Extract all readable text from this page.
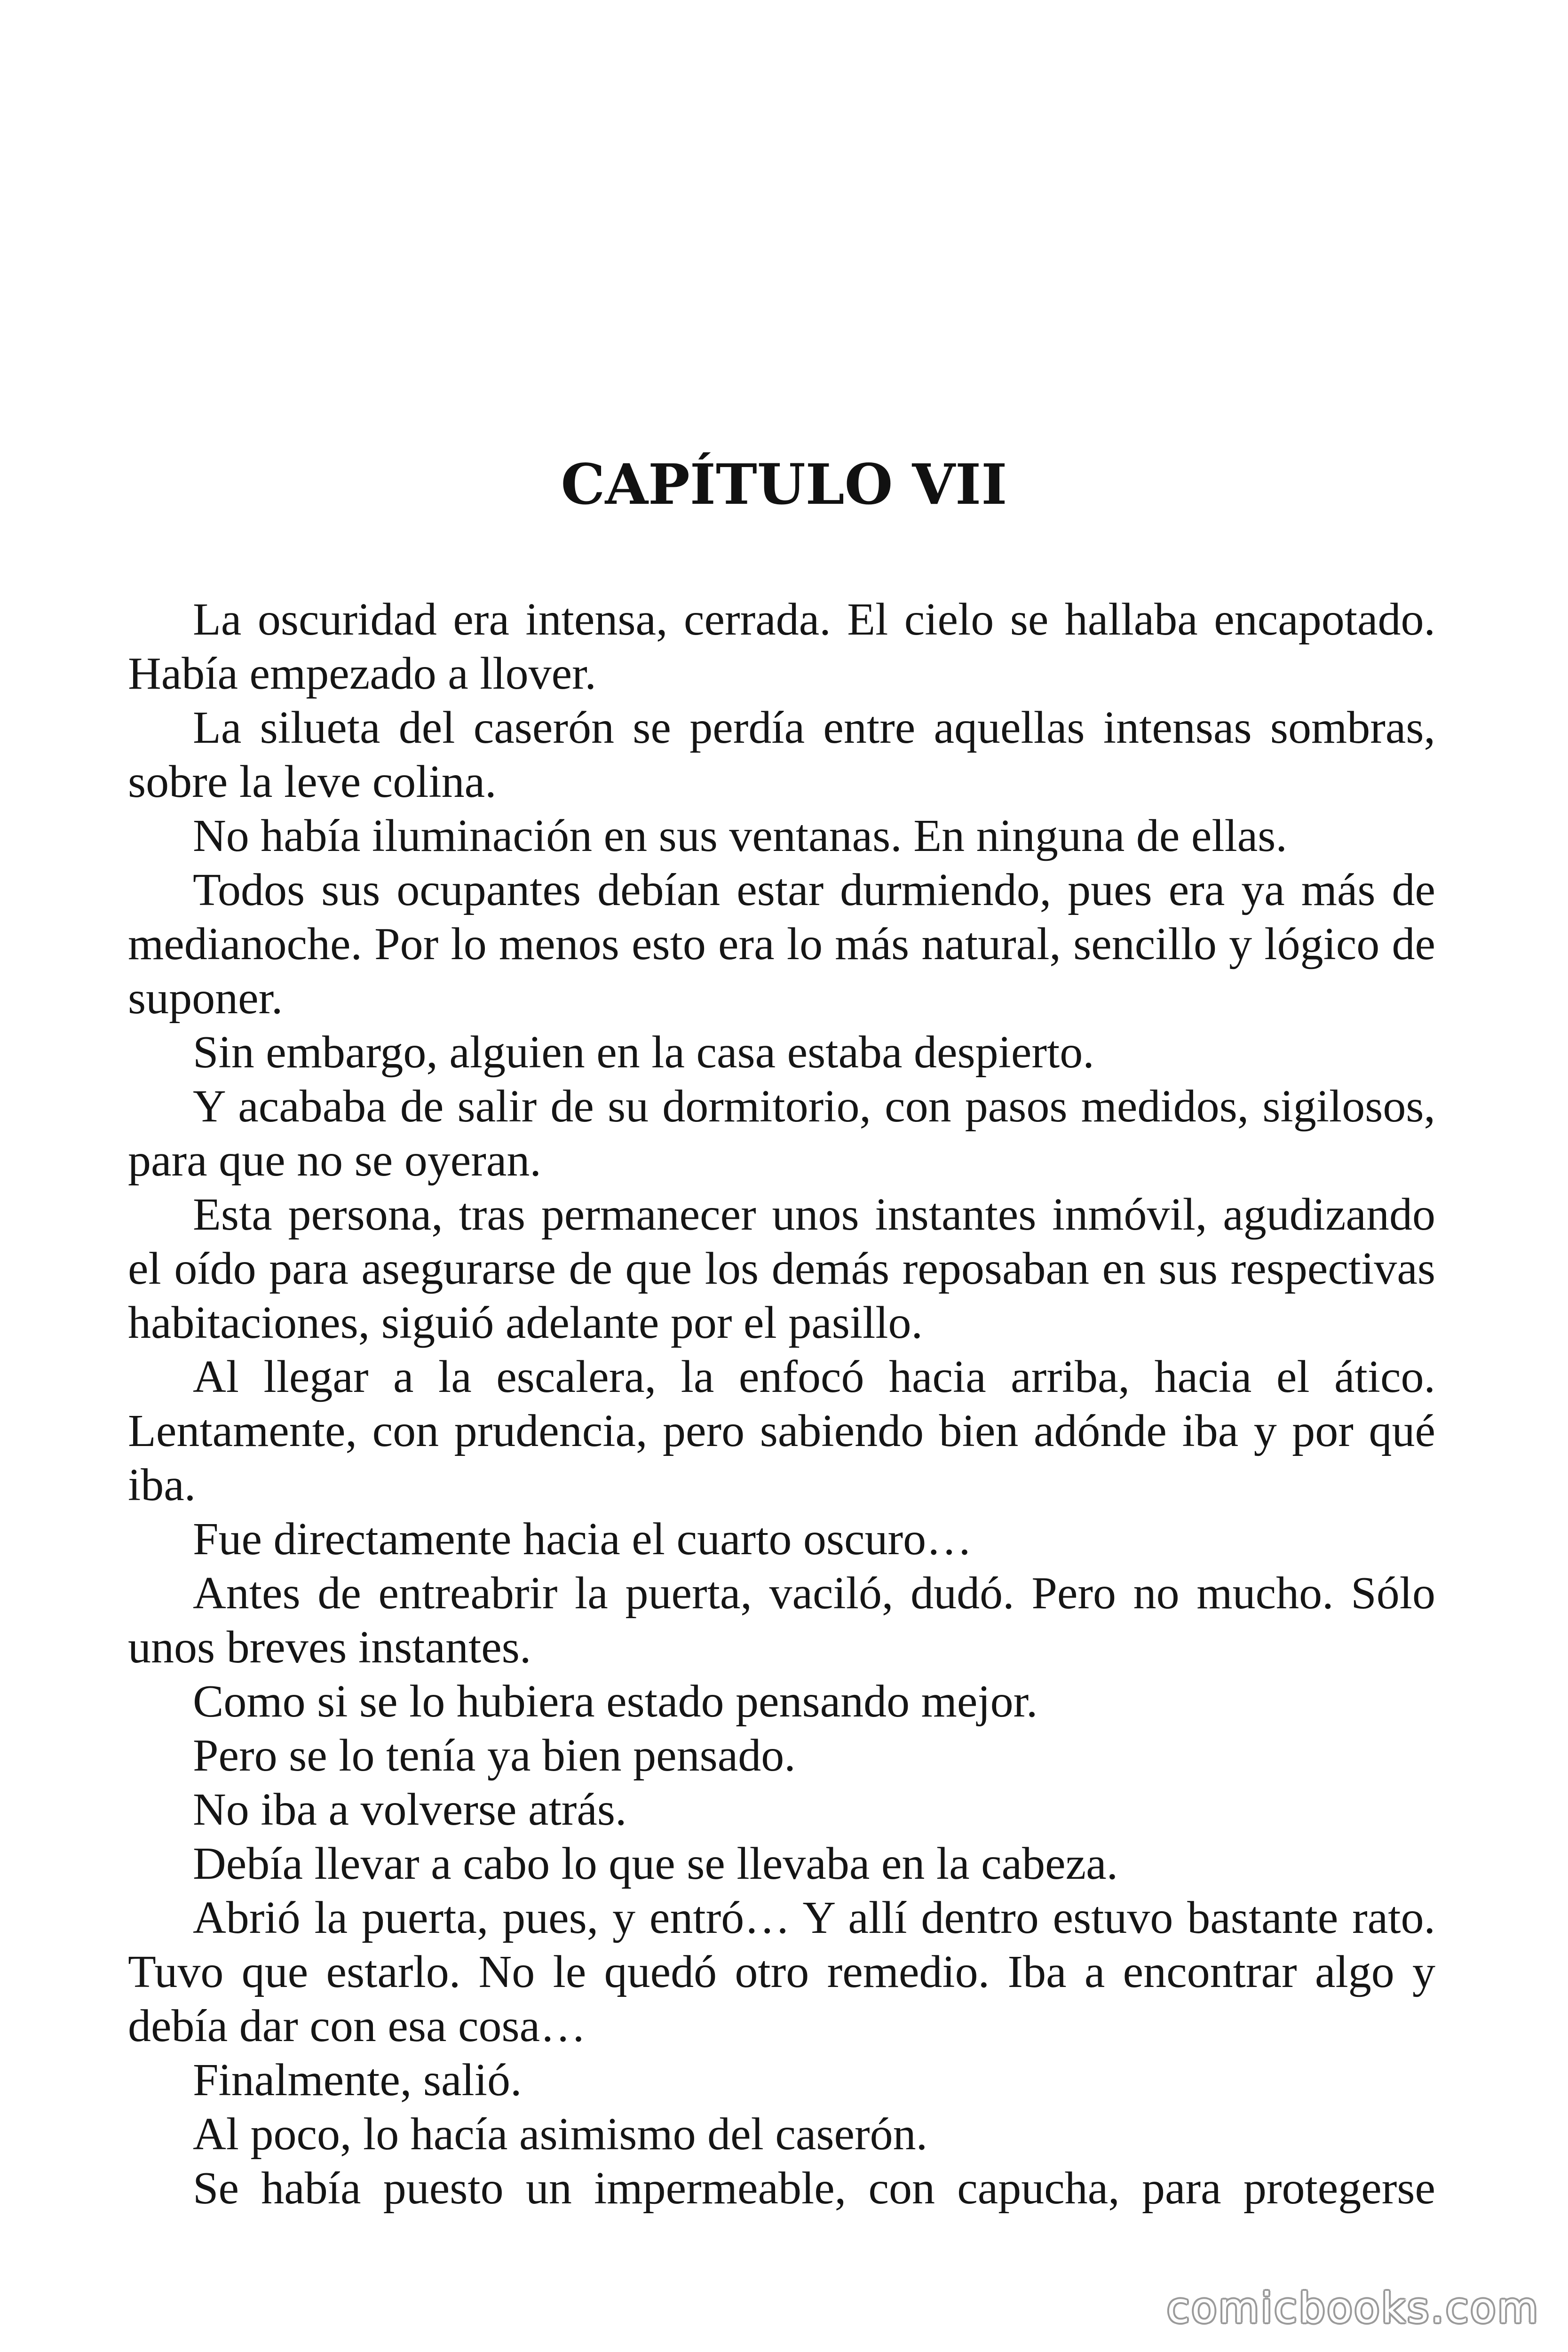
CAPÍTULO VII

La oscuridad era intensa, cerrada. El cielo se hallaba encapotado. Había empezado a llover.

La silueta del caserón se perdía entre aquellas intensas sombras, sobre la leve colina.

No había iluminación en sus ventanas. En ninguna de ellas.

Todos sus ocupantes debían estar durmiendo, pues era ya más de medianoche. Por lo menos esto era lo más natural, sencillo y lógico de suponer.

Sin embargo, alguien en la casa estaba despierto.

Y acababa de salir de su dormitorio, con pasos medidos, sigilosos, para que no se oyeran.

Esta persona, tras permanecer unos instantes inmóvil, agudizando el oído para asegurarse de que los demás reposaban en sus respectivas habitaciones, siguió adelante por el pasillo.

Al llegar a la escalera, la enfocó hacia arriba, hacia el ático. Lentamente, con prudencia, pero sabiendo bien adónde iba y por qué iba.

Fue directamente hacia el cuarto oscuro…

Antes de entreabrir la puerta, vaciló, dudó. Pero no mucho. Sólo unos breves instantes.

Como si se lo hubiera estado pensando mejor.

Pero se lo tenía ya bien pensado.

No iba a volverse atrás.

Debía llevar a cabo lo que se llevaba en la cabeza.

Abrió la puerta, pues, y entró… Y allí dentro estuvo bastante rato. Tuvo que estarlo. No le quedó otro remedio. Iba a encontrar algo y debía dar con esa cosa…

Finalmente, salió.

Al poco, lo hacía asimismo del caserón.

Se había puesto un impermeable, con capucha, para protegerse

comicbooks.com
